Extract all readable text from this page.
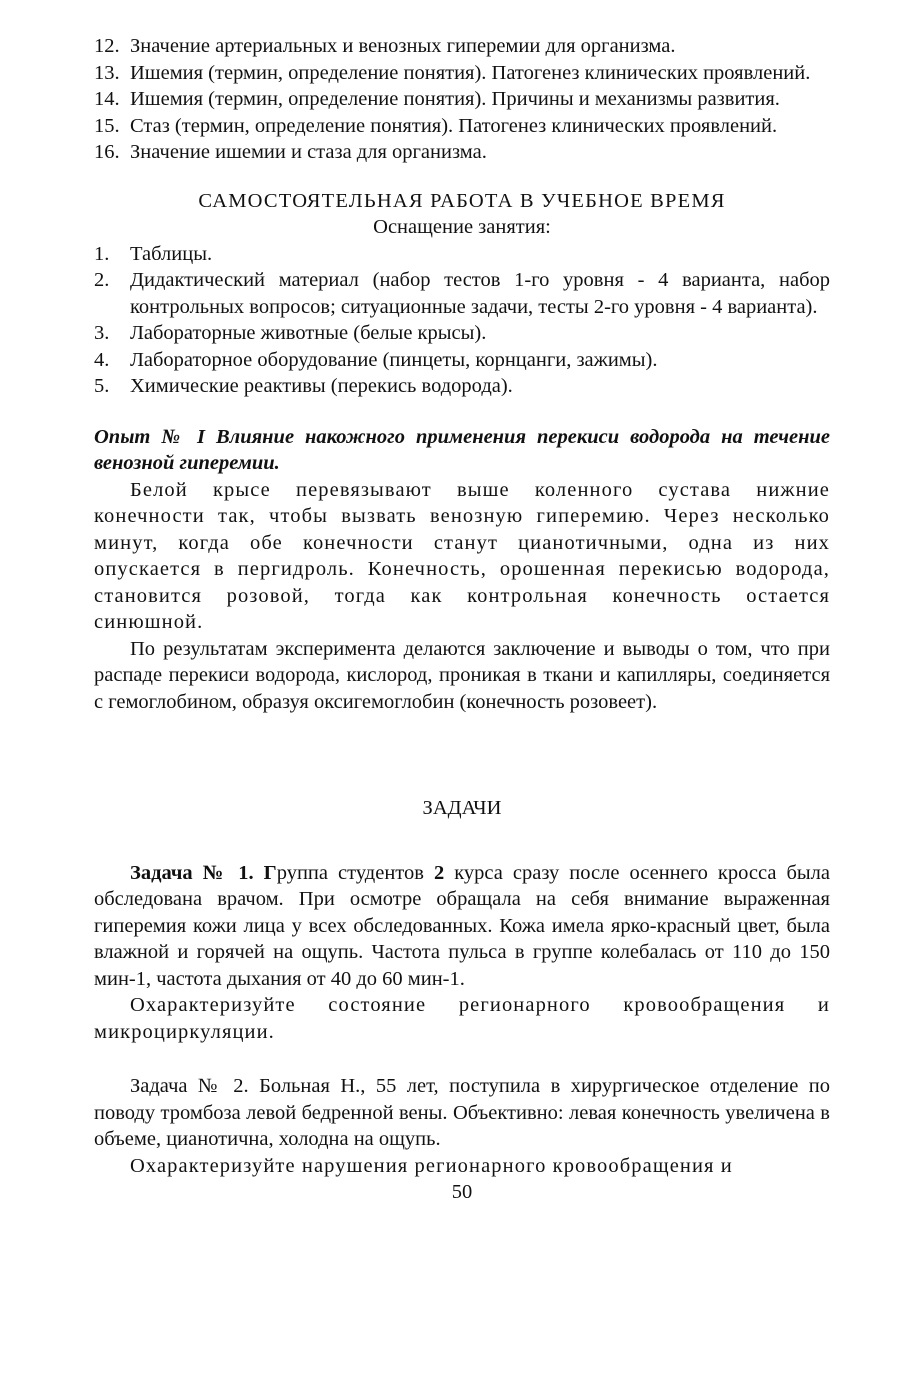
12. Значение артериальных и венозных гиперемии для организма.
13. Ишемия (термин, определение понятия). Патогенез клинических проявлений.
14. Ишемия (термин, определение понятия). Причины и механизмы развития.
15. Стаз (термин, определение понятия). Патогенез клинических проявлений.
16. Значение ишемии и стаза для организма.
САМОСТОЯТЕЛЬНАЯ РАБОТА В УЧЕБНОЕ ВРЕМЯ
Оснащение занятия:
1.	Таблицы.
2.	Дидактический материал (набор тестов 1-го уровня - 4 варианта, набор контрольных вопросов; ситуационные задачи, тесты 2-го уровня - 4 варианта).
3.	Лабораторные животные (белые крысы).
4.	Лабораторное оборудование (пинцеты, корнцанги, зажимы).
5.	Химические реактивы (перекись водорода).
Опыт № I Влияние накожного применения перекиси водорода на течение венозной гиперемии.
Белой крысе перевязывают выше коленного сустава нижние конечности так, чтобы вызвать венозную гиперемию. Через несколько минут, когда обе конечности станут цианотичными, одна из них опускается в пергидроль. Конечность, орошенная перекисью водорода, становится розовой, тогда как контрольная конечность остается синюшной.
По результатам эксперимента делаются заключение и выводы о том, что при распаде перекиси водорода, кислород, проникая в ткани и капилляры, соединяется с гемоглобином, образуя оксигемоглобин (конечность розовеет).
ЗАДАЧИ
Задача № 1. Группа студентов 2 курса сразу после осеннего кросса была обследована врачом. При осмотре обращала на себя внимание выраженная гиперемия кожи лица у всех обследованных. Кожа имела ярко-красный цвет, была влажной и горячей на ощупь. Частота пульса в группе колебалась от 110 до 150 мин-1, частота дыхания от 40 до 60 мин-1.
Охарактеризуйте состояние регионарного кровообращения и микроциркуляции.
Задача № 2. Больная Н., 55 лет, поступила в хирургическое отделение по поводу тромбоза левой бедренной вены. Объективно: левая конечность увеличена в объеме, цианотична, холодна на ощупь.
Охарактеризуйте нарушения регионарного кровообращения и
50
